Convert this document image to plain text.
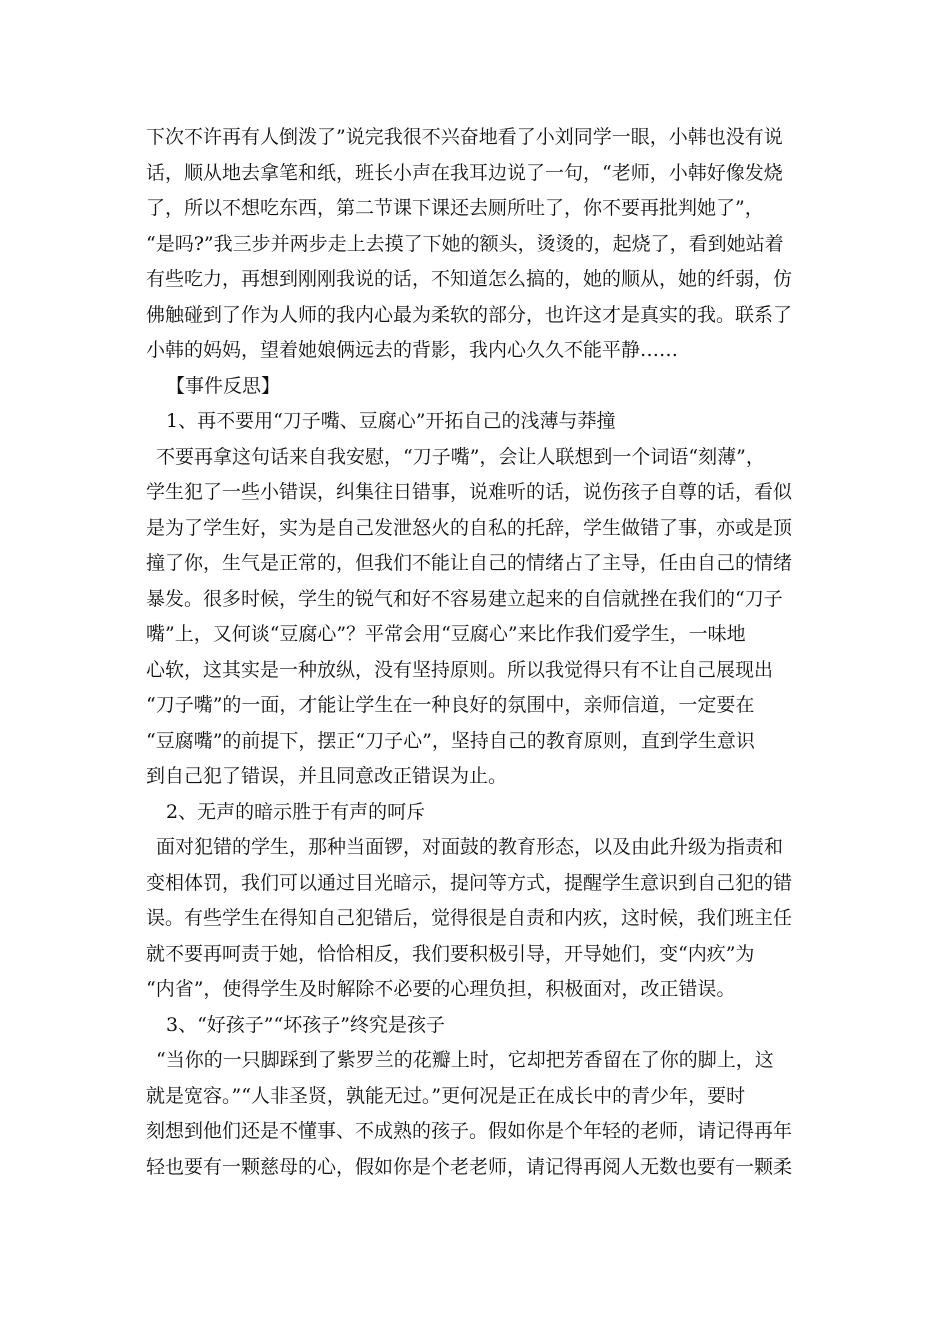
下次不许再有人倒泼了”说完我很不兴奋地看了小刘同学一眼，小韩也没有说
话，顺从地去拿笔和纸，班长小声在我耳边说了一句，“老师，小韩好像发烧
了，所以不想吃东西，第二节课下课还去厕所吐了，你不要再批判她了”，
“是吗?”我三步并两步走上去摸了下她的额头，烫烫的，起烧了，看到她站着
有些吃力，再想到刚刚我说的话，不知道怎么搞的，她的顺从，她的纤弱，仿
佛触碰到了作为人师的我内心最为柔软的部分，也许这才是真实的我。联系了
小韩的妈妈，望着她娘俩远去的背影，我内心久久不能平静……
【事件反思】
1、再不要用“刀子嘴、豆腐心”开拓自己的浅薄与莽撞
不要再拿这句话来自我安慰，“刀子嘴”，会让人联想到一个词语“刻薄”，
学生犯了一些小错误，纠集往日错事，说难听的话，说伤孩子自尊的话，看似
是为了学生好，实为是自己发泄怒火的自私的托辞，学生做错了事，亦或是顶
撞了你，生气是正常的，但我们不能让自己的情绪占了主导，任由自己的情绪
暴发。很多时候，学生的锐气和好不容易建立起来的自信就挫在我们的“刀子
嘴”上，又何谈“豆腐心”？平常会用“豆腐心”来比作我们爱学生，一味地
心软，这其实是一种放纵，没有坚持原则。所以我觉得只有不让自己展现出
“刀子嘴”的一面，才能让学生在一种良好的氛围中，亲师信道，一定要在
“豆腐嘴”的前提下，摆正“刀子心”，坚持自己的教育原则，直到学生意识
到自己犯了错误，并且同意改正错误为止。
2、无声的暗示胜于有声的呵斥
面对犯错的学生，那种当面锣，对面鼓的教育形态，以及由此升级为指责和
变相体罚，我们可以通过目光暗示，提问等方式，提醒学生意识到自己犯的错
误。有些学生在得知自己犯错后，觉得很是自责和内疚，这时候，我们班主任
就不要再呵责于她，恰恰相反，我们要积极引导，开导她们，变“内疚”为
“内省”，使得学生及时解除不必要的心理负担，积极面对，改正错误。
3、“好孩子”“坏孩子”终究是孩子
“当你的一只脚踩到了紫罗兰的花瓣上时，它却把芳香留在了你的脚上，这
就是宽容。”“人非圣贤，孰能无过。”更何况是正在成长中的青少年，要时
刻想到他们还是不懂事、不成熟的孩子。假如你是个年轻的老师，请记得再年
轻也要有一颗慈母的心，假如你是个老老师，请记得再阅人无数也要有一颗柔
